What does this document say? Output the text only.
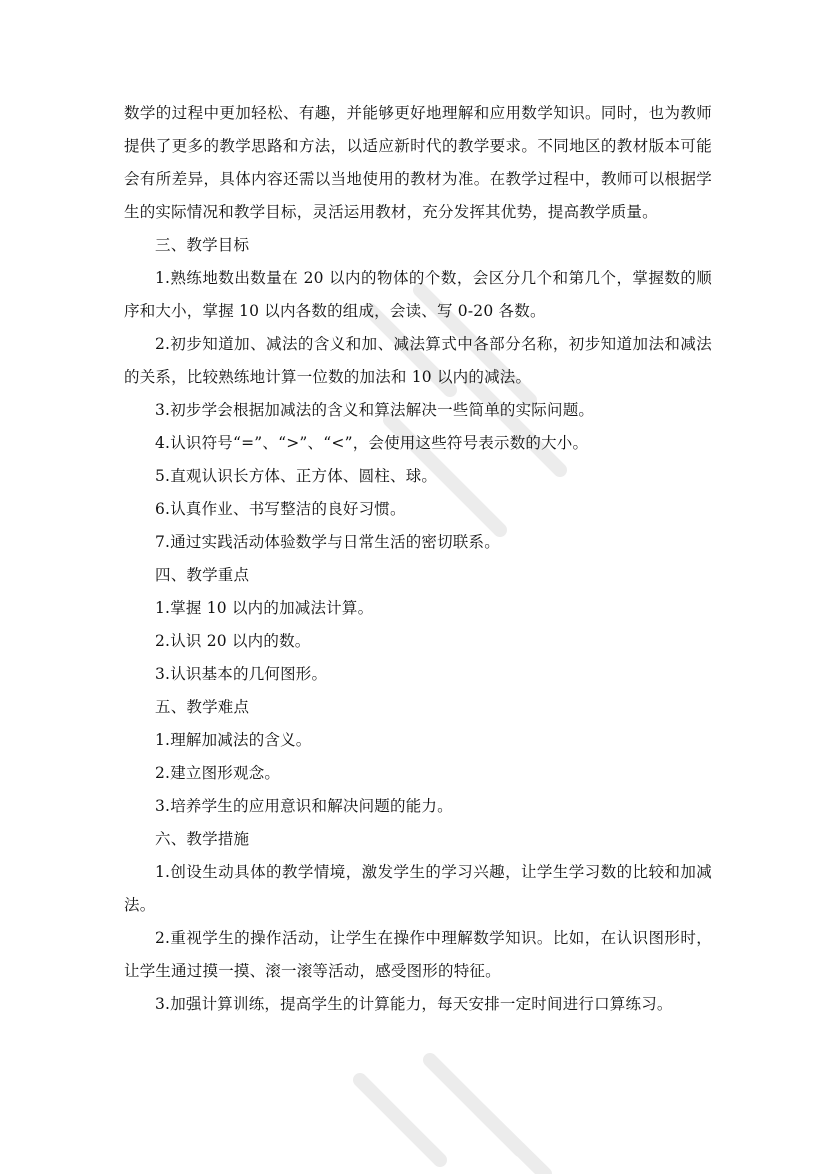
数学的过程中更加轻松、有趣，并能够更好地理解和应用数学知识。同时，也为教师提供了更多的教学思路和方法，以适应新时代的教学要求。不同地区的教材版本可能会有所差异，具体内容还需以当地使用的教材为准。在教学过程中，教师可以根据学生的实际情况和教学目标，灵活运用教材，充分发挥其优势，提高教学质量。

三、教学目标

1.熟练地数出数量在 20 以内的物体的个数，会区分几个和第几个，掌握数的顺序和大小，掌握 10 以内各数的组成，会读、写 0-20 各数。

2.初步知道加、减法的含义和加、减法算式中各部分名称，初步知道加法和减法的关系，比较熟练地计算一位数的加法和 10 以内的减法。

3.初步学会根据加减法的含义和算法解决一些简单的实际问题。

4.认识符号“=”、“>”、“<”，会使用这些符号表示数的大小。

5.直观认识长方体、正方体、圆柱、球。

6.认真作业、书写整洁的良好习惯。

7.通过实践活动体验数学与日常生活的密切联系。

四、教学重点

1.掌握 10 以内的加减法计算。

2.认识 20 以内的数。

3.认识基本的几何图形。

五、教学难点

1.理解加减法的含义。

2.建立图形观念。

3.培养学生的应用意识和解决问题的能力。

六、教学措施

1.创设生动具体的教学情境，激发学生的学习兴趣，让学生学习数的比较和加减法。

2.重视学生的操作活动，让学生在操作中理解数学知识。比如，在认识图形时，让学生通过摸一摸、滚一滚等活动，感受图形的特征。

3.加强计算训练，提高学生的计算能力，每天安排一定时间进行口算练习。
